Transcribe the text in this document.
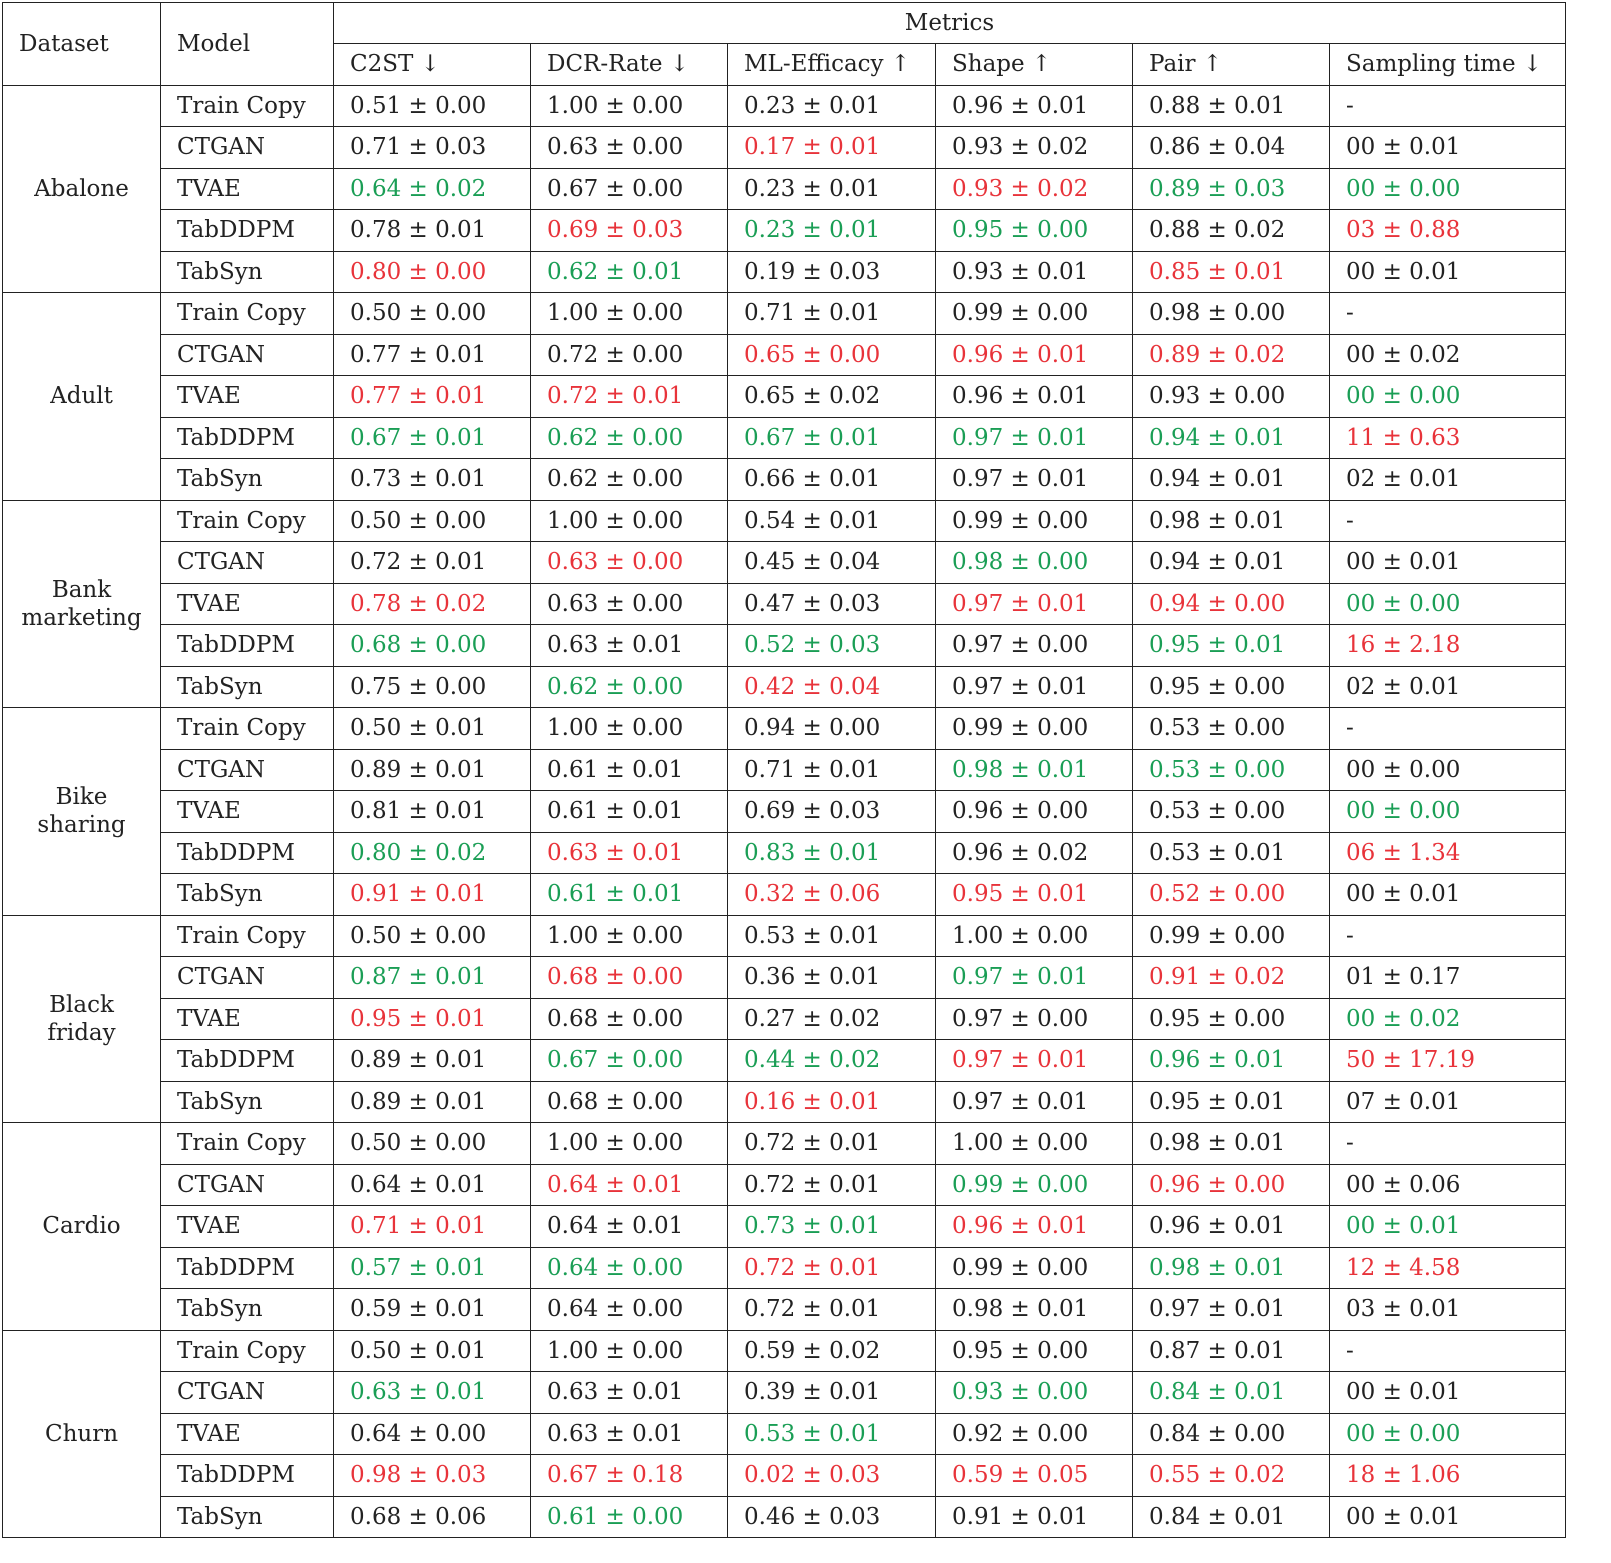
Dataset	Model	Metrics					
		C2ST ↓	DCR-Rate ↓	ML-Efficacy ↑	Shape ↑	Pair ↑	Sampling time ↓
Abalone	Train Copy	0.51 ± 0.00	1.00 ± 0.00	0.23 ± 0.01	0.96 ± 0.01	0.88 ± 0.01	-
	CTGAN	0.71 ± 0.03	0.63 ± 0.00	0.17 ± 0.01	0.93 ± 0.02	0.86 ± 0.04	00 ± 0.01
	TVAE	0.64 ± 0.02	0.67 ± 0.00	0.23 ± 0.01	0.93 ± 0.02	0.89 ± 0.03	00 ± 0.00
	TabDDPM	0.78 ± 0.01	0.69 ± 0.03	0.23 ± 0.01	0.95 ± 0.00	0.88 ± 0.02	03 ± 0.88
	TabSyn	0.80 ± 0.00	0.62 ± 0.01	0.19 ± 0.03	0.93 ± 0.01	0.85 ± 0.01	00 ± 0.01
Adult	Train Copy	0.50 ± 0.00	1.00 ± 0.00	0.71 ± 0.01	0.99 ± 0.00	0.98 ± 0.00	-
	CTGAN	0.77 ± 0.01	0.72 ± 0.00	0.65 ± 0.00	0.96 ± 0.01	0.89 ± 0.02	00 ± 0.02
	TVAE	0.77 ± 0.01	0.72 ± 0.01	0.65 ± 0.02	0.96 ± 0.01	0.93 ± 0.00	00 ± 0.00
	TabDDPM	0.67 ± 0.01	0.62 ± 0.00	0.67 ± 0.01	0.97 ± 0.01	0.94 ± 0.01	11 ± 0.63
	TabSyn	0.73 ± 0.01	0.62 ± 0.00	0.66 ± 0.01	0.97 ± 0.01	0.94 ± 0.01	02 ± 0.01
Bank
marketing	Train Copy	0.50 ± 0.00	1.00 ± 0.00	0.54 ± 0.01	0.99 ± 0.00	0.98 ± 0.01	-
	CTGAN	0.72 ± 0.01	0.63 ± 0.00	0.45 ± 0.04	0.98 ± 0.00	0.94 ± 0.01	00 ± 0.01
	TVAE	0.78 ± 0.02	0.63 ± 0.00	0.47 ± 0.03	0.97 ± 0.01	0.94 ± 0.00	00 ± 0.00
	TabDDPM	0.68 ± 0.00	0.63 ± 0.01	0.52 ± 0.03	0.97 ± 0.00	0.95 ± 0.01	16 ± 2.18
	TabSyn	0.75 ± 0.00	0.62 ± 0.00	0.42 ± 0.04	0.97 ± 0.01	0.95 ± 0.00	02 ± 0.01
Bike
sharing	Train Copy	0.50 ± 0.01	1.00 ± 0.00	0.94 ± 0.00	0.99 ± 0.00	0.53 ± 0.00	-
	CTGAN	0.89 ± 0.01	0.61 ± 0.01	0.71 ± 0.01	0.98 ± 0.01	0.53 ± 0.00	00 ± 0.00
	TVAE	0.81 ± 0.01	0.61 ± 0.01	0.69 ± 0.03	0.96 ± 0.00	0.53 ± 0.00	00 ± 0.00
	TabDDPM	0.80 ± 0.02	0.63 ± 0.01	0.83 ± 0.01	0.96 ± 0.02	0.53 ± 0.01	06 ± 1.34
	TabSyn	0.91 ± 0.01	0.61 ± 0.01	0.32 ± 0.06	0.95 ± 0.01	0.52 ± 0.00	00 ± 0.01
Black
friday	Train Copy	0.50 ± 0.00	1.00 ± 0.00	0.53 ± 0.01	1.00 ± 0.00	0.99 ± 0.00	-
	CTGAN	0.87 ± 0.01	0.68 ± 0.00	0.36 ± 0.01	0.97 ± 0.01	0.91 ± 0.02	01 ± 0.17
	TVAE	0.95 ± 0.01	0.68 ± 0.00	0.27 ± 0.02	0.97 ± 0.00	0.95 ± 0.00	00 ± 0.02
	TabDDPM	0.89 ± 0.01	0.67 ± 0.00	0.44 ± 0.02	0.97 ± 0.01	0.96 ± 0.01	50 ± 17.19
	TabSyn	0.89 ± 0.01	0.68 ± 0.00	0.16 ± 0.01	0.97 ± 0.01	0.95 ± 0.01	07 ± 0.01
Cardio	Train Copy	0.50 ± 0.00	1.00 ± 0.00	0.72 ± 0.01	1.00 ± 0.00	0.98 ± 0.01	-
	CTGAN	0.64 ± 0.01	0.64 ± 0.01	0.72 ± 0.01	0.99 ± 0.00	0.96 ± 0.00	00 ± 0.06
	TVAE	0.71 ± 0.01	0.64 ± 0.01	0.73 ± 0.01	0.96 ± 0.01	0.96 ± 0.01	00 ± 0.01
	TabDDPM	0.57 ± 0.01	0.64 ± 0.00	0.72 ± 0.01	0.99 ± 0.00	0.98 ± 0.01	12 ± 4.58
	TabSyn	0.59 ± 0.01	0.64 ± 0.00	0.72 ± 0.01	0.98 ± 0.01	0.97 ± 0.01	03 ± 0.01
Churn	Train Copy	0.50 ± 0.01	1.00 ± 0.00	0.59 ± 0.02	0.95 ± 0.00	0.87 ± 0.01	-
	CTGAN	0.63 ± 0.01	0.63 ± 0.01	0.39 ± 0.01	0.93 ± 0.00	0.84 ± 0.01	00 ± 0.01
	TVAE	0.64 ± 0.00	0.63 ± 0.01	0.53 ± 0.01	0.92 ± 0.00	0.84 ± 0.00	00 ± 0.00
	TabDDPM	0.98 ± 0.03	0.67 ± 0.18	0.02 ± 0.03	0.59 ± 0.05	0.55 ± 0.02	18 ± 1.06
	TabSyn	0.68 ± 0.06	0.61 ± 0.00	0.46 ± 0.03	0.91 ± 0.01	0.84 ± 0.01	00 ± 0.01
